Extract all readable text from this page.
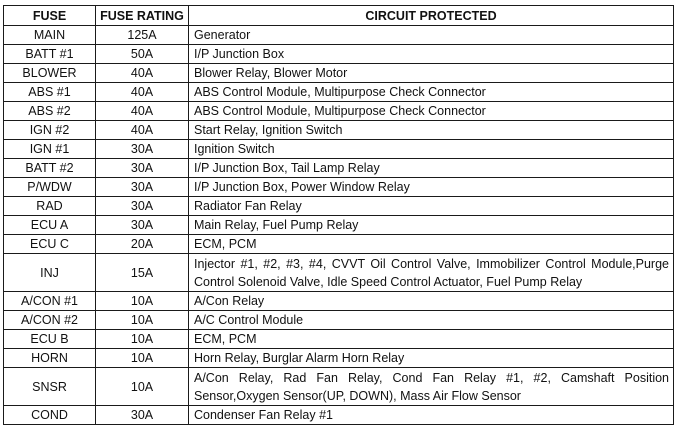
FUSE	FUSE RATING	CIRCUIT PROTECTED
MAIN	125A	Generator
BATT #1	50A	I/P Junction Box
BLOWER	40A	Blower Relay, Blower Motor
ABS #1	40A	ABS Control Module, Multipurpose Check Connector
ABS #2	40A	ABS Control Module, Multipurpose Check Connector
IGN #2	40A	Start Relay, Ignition Switch
IGN #1	30A	Ignition Switch
BATT #2	30A	I/P Junction Box, Tail Lamp Relay
P/WDW	30A	I/P Junction Box, Power Window Relay
RAD	30A	Radiator Fan Relay
ECU A	30A	Main Relay, Fuel Pump Relay
ECU C	20A	ECM, PCM
INJ	15A	Injector #1, #2, #3, #4, CVVT Oil Control Valve, Immobilizer Control Module,Purge Control Solenoid Valve, Idle Speed Control Actuator, Fuel Pump Relay
A/CON #1	10A	A/Con Relay
A/CON #2	10A	A/C Control Module
ECU B	10A	ECM, PCM
HORN	10A	Horn Relay, Burglar Alarm Horn Relay
SNSR	10A	A/Con Relay, Rad Fan Relay, Cond Fan Relay #1, #2, Camshaft Position Sensor,Oxygen Sensor(UP, DOWN), Mass Air Flow Sensor
COND	30A	Condenser Fan Relay #1
